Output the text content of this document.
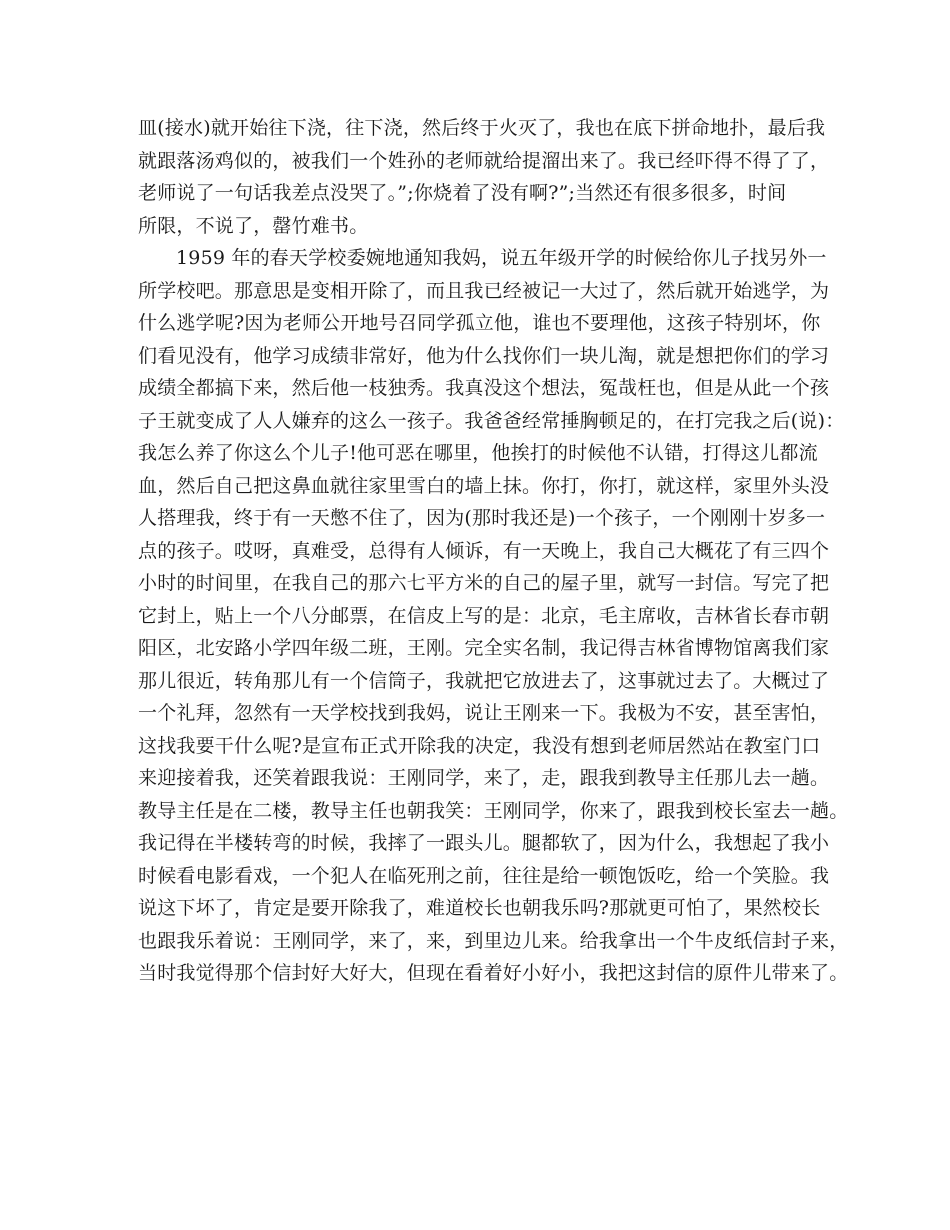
皿(接水)就开始往下浇，往下浇，然后终于火灭了，我也在底下拼命地扑，最后我
就跟落汤鸡似的，被我们一个姓孙的老师就给提溜出来了。我已经吓得不得了了，
老师说了一句话我差点没哭了。”;你烧着了没有啊?”;当然还有很多很多，时间
所限，不说了，罄竹难书。
1959 年的春天学校委婉地通知我妈，说五年级开学的时候给你儿子找另外一
所学校吧。那意思是变相开除了，而且我已经被记一大过了，然后就开始逃学，为
什么逃学呢?因为老师公开地号召同学孤立他，谁也不要理他，这孩子特别坏，你
们看见没有，他学习成绩非常好，他为什么找你们一块儿淘，就是想把你们的学习
成绩全都搞下来，然后他一枝独秀。我真没这个想法，冤哉枉也，但是从此一个孩
子王就变成了人人嫌弃的这么一孩子。我爸爸经常捶胸顿足的，在打完我之后(说)：
我怎么养了你这么个儿子!他可恶在哪里，他挨打的时候他不认错，打得这儿都流
血，然后自己把这鼻血就往家里雪白的墙上抹。你打，你打，就这样，家里外头没
人搭理我，终于有一天憋不住了，因为(那时我还是)一个孩子，一个刚刚十岁多一
点的孩子。哎呀，真难受，总得有人倾诉，有一天晚上，我自己大概花了有三四个
小时的时间里，在我自己的那六七平方米的自己的屋子里，就写一封信。写完了把
它封上，贴上一个八分邮票，在信皮上写的是：北京，毛主席收，吉林省长春市朝
阳区，北安路小学四年级二班，王刚。完全实名制，我记得吉林省博物馆离我们家
那儿很近，转角那儿有一个信筒子，我就把它放进去了，这事就过去了。大概过了
一个礼拜，忽然有一天学校找到我妈，说让王刚来一下。我极为不安，甚至害怕，
这找我要干什么呢?是宣布正式开除我的决定，我没有想到老师居然站在教室门口
来迎接着我，还笑着跟我说：王刚同学，来了，走，跟我到教导主任那儿去一趟。
教导主任是在二楼，教导主任也朝我笑：王刚同学，你来了，跟我到校长室去一趟。
我记得在半楼转弯的时候，我摔了一跟头儿。腿都软了，因为什么，我想起了我小
时候看电影看戏，一个犯人在临死刑之前，往往是给一顿饱饭吃，给一个笑脸。我
说这下坏了，肯定是要开除我了，难道校长也朝我乐吗?那就更可怕了，果然校长
也跟我乐着说：王刚同学，来了，来，到里边儿来。给我拿出一个牛皮纸信封子来，
当时我觉得那个信封好大好大，但现在看着好小好小，我把这封信的原件儿带来了。
